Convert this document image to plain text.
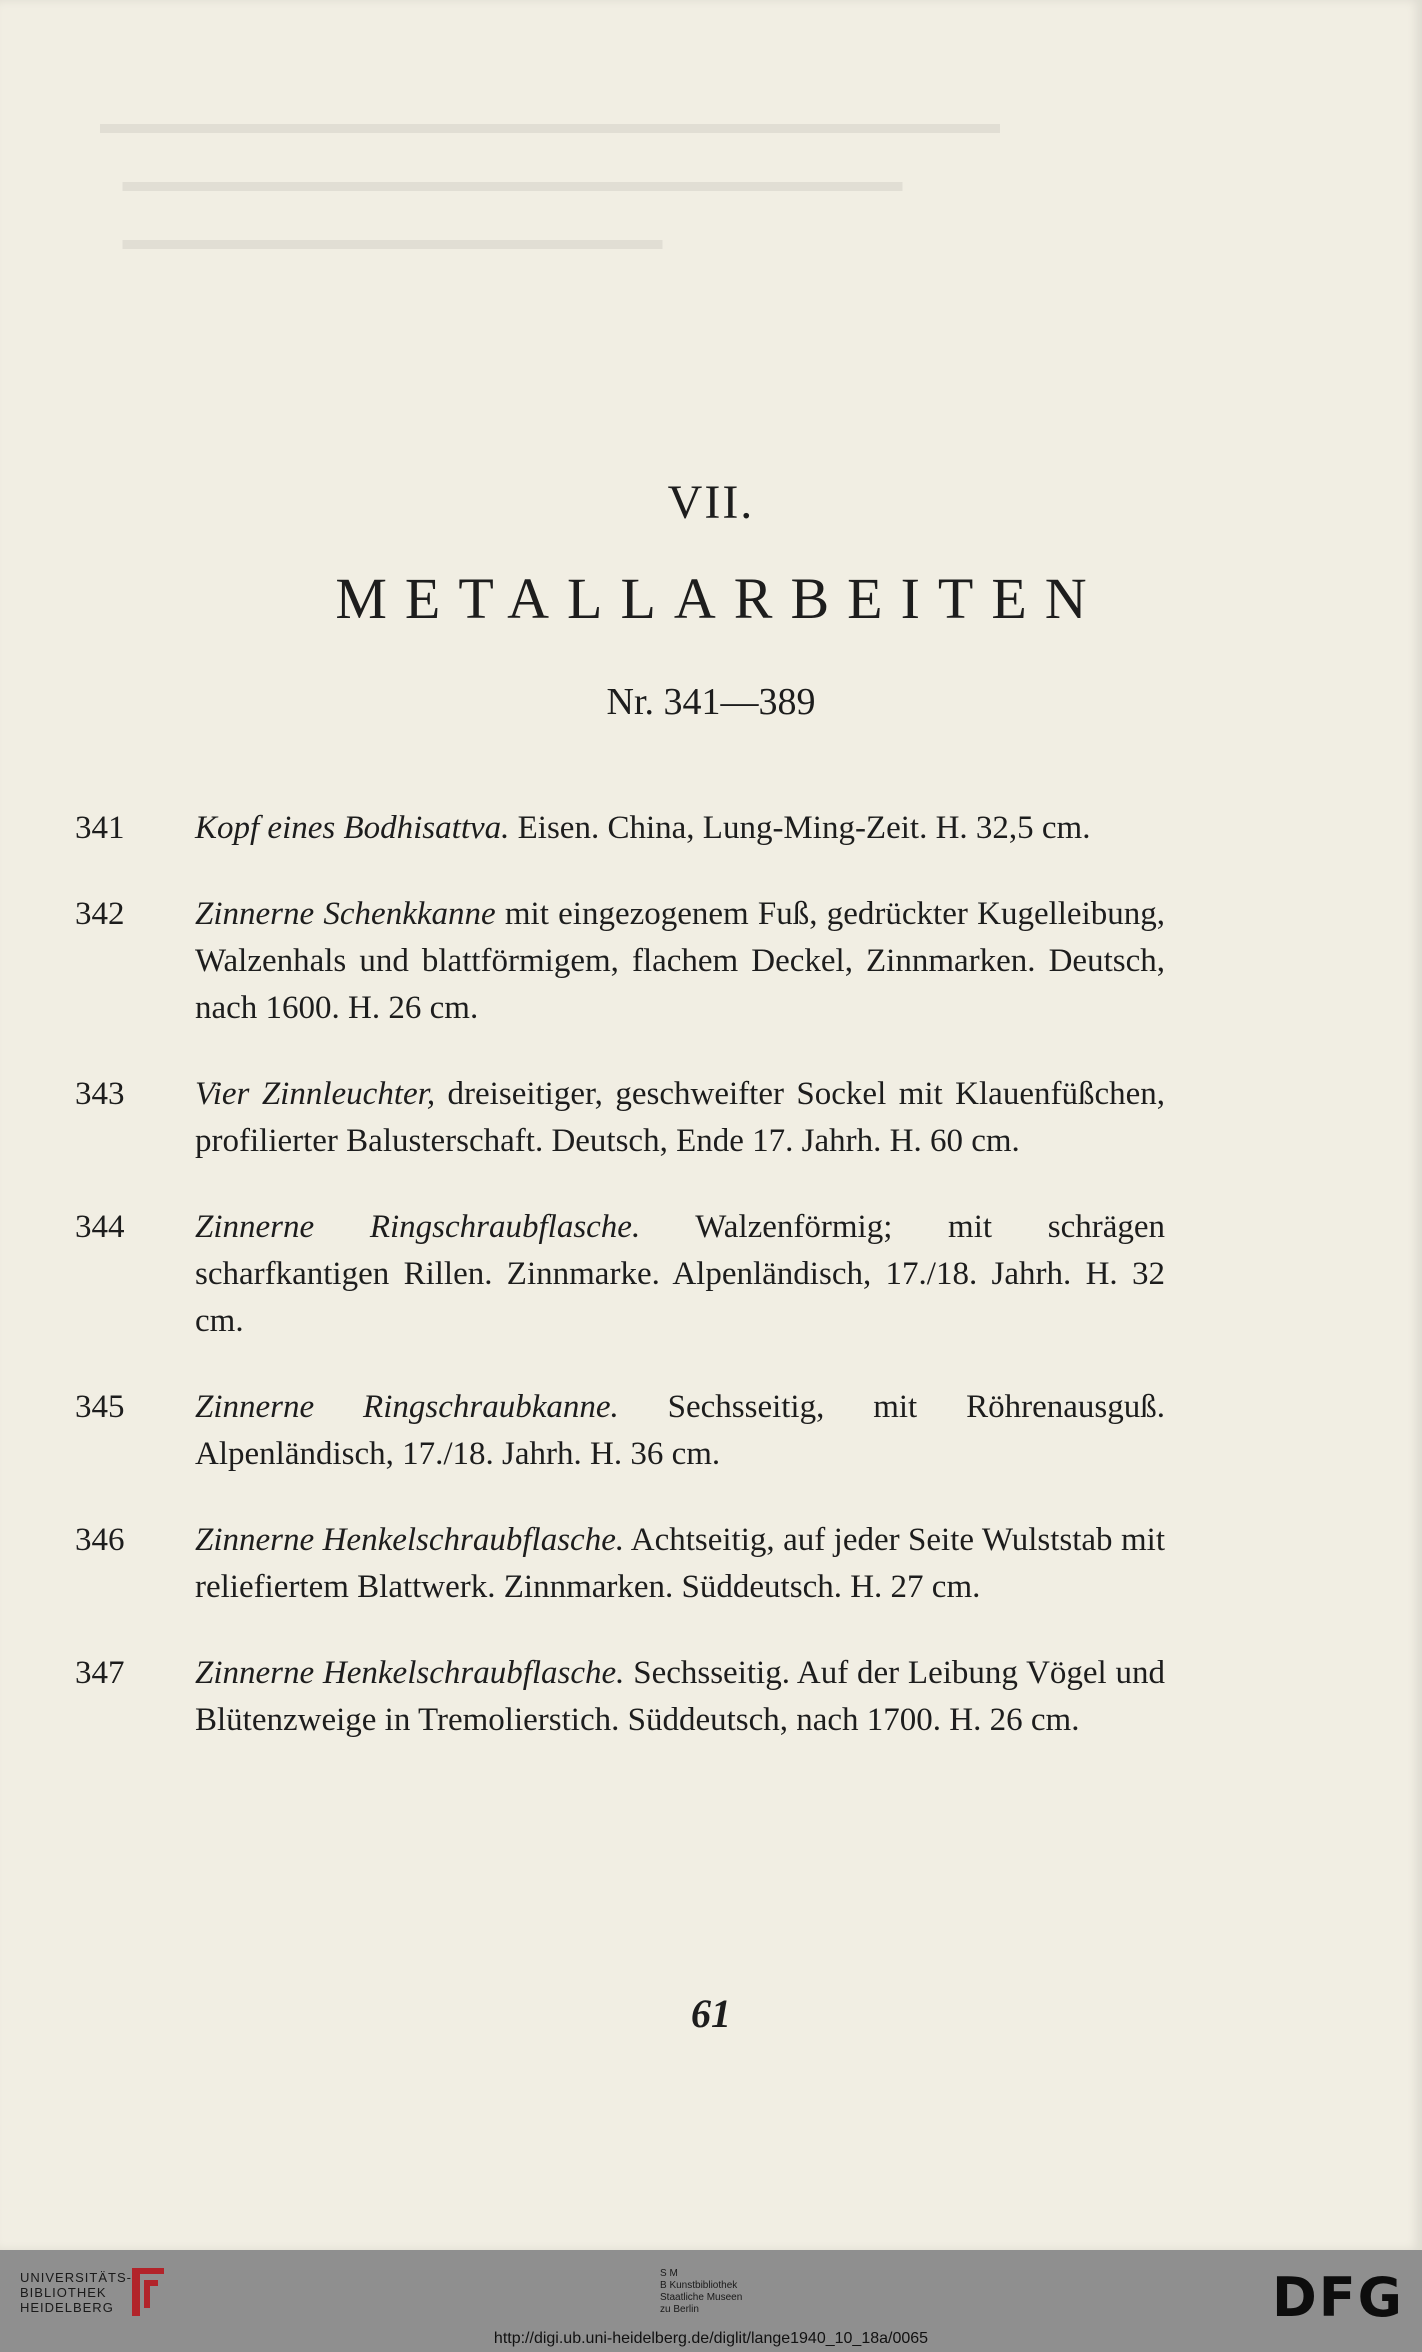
▬▬▬▬▬▬▬▬▬▬▬▬▬▬▬▬▬▬▬▬▬▬▬▬▬▬▬▬▬▬
▬▬▬▬▬▬▬▬▬▬▬▬▬▬▬▬▬▬▬▬▬▬▬▬▬▬
▬▬▬▬▬▬▬▬▬▬▬▬▬▬▬▬▬▬
VII.
METALLARBEITEN
Nr. 341—389
341	Kopf eines Bodhisattva. Eisen. China, Lung-Ming-Zeit. H. 32,5 cm.
342	Zinnerne Schenkkanne mit eingezogenem Fuß, gedrückter Kugelleibung, Walzenhals und blattförmigem, flachem Deckel, Zinnmarken. Deutsch, nach 1600. H. 26 cm.
343	Vier Zinnleuchter, dreiseitiger, geschweifter Sockel mit Klauenfüßchen, profilierter Balusterschaft. Deutsch, Ende 17. Jahrh. H. 60 cm.
344	Zinnerne Ringschraubflasche. Walzenförmig; mit schrägen scharfkantigen Rillen. Zinnmarke. Alpenländisch, 17./18. Jahrh. H. 32 cm.
345	Zinnerne Ringschraubkanne. Sechsseitig, mit Röhrenausguß. Alpenländisch, 17./18. Jahrh. H. 36 cm.
346	Zinnerne Henkelschraubflasche. Achtseitig, auf jeder Seite Wulststab mit reliefiertem Blattwerk. Zinnmarken. Süddeutsch. H. 27 cm.
347	Zinnerne Henkelschraubflasche. Sechsseitig. Auf der Leibung Vögel und Blütenzweige in Tremolierstich. Süddeutsch, nach 1700. H. 26 cm.
61
UNIVERSITÄTS-
BIBLIOTHEK
HEIDELBERG
S M
B Kunstbibliothek
Staatliche Museen
zu Berlin	DFG
http://digi.ub.uni-heidelberg.de/diglit/lange1940_10_18a/0065
